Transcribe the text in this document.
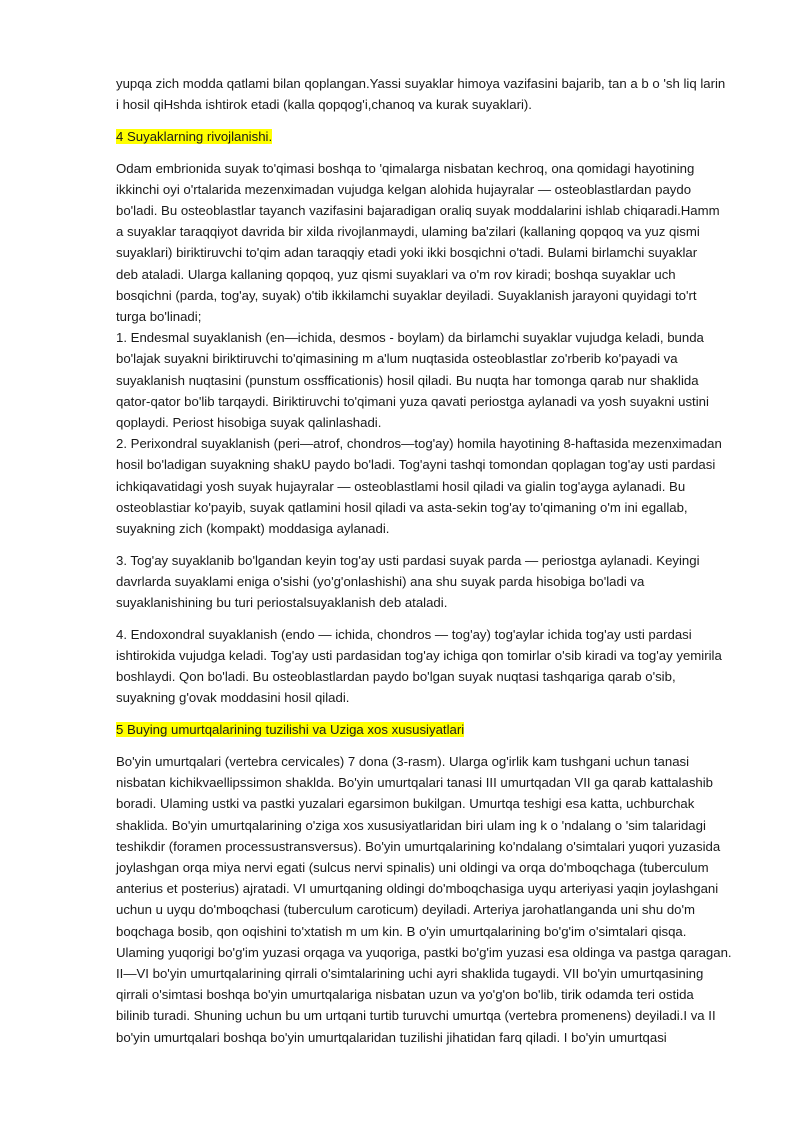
yupqa zich modda qatlami bilan qoplangan.Yassi suyaklar himoya vazifasini bajarib, tan a b o 'sh liq larin
i hosil qiHshda ishtirok etadi (kalla qopqog'i,chanoq va kurak suyaklari).

4 Suyaklarning rivojlanishi.

Odam embrionida suyak to'qimasi boshqa to 'qimalarga nisbatan kechroq, ona qomidagi hayotining
ikkinchi oyi o'rtalarida mezenximadan vujudga kelgan alohida hujayralar — osteoblastlardan paydo
bo'ladi. Bu osteoblastlar tayanch vazifasini bajaradigan oraliq suyak moddalarini ishlab chiqaradi.Hamm
a suyaklar taraqqiyot davrida bir xilda rivojlanmaydi, ulaming ba'zilari (kallaning qopqoq va yuz qismi
suyaklari) biriktiruvchi to'qim adan taraqqiy etadi yoki ikki bosqichni o'tadi. Bulami birlamchi suyaklar
deb ataladi. Ularga kallaning qopqoq, yuz qismi suyaklari va o'm rov kiradi; boshqa suyaklar uch
bosqichni (parda, tog'ay, suyak) o'tib ikkilamchi suyaklar deyiladi. Suyaklanish jarayoni quyidagi to'rt
turga bo'linadi;
1. Endesmal suyaklanish (en—ichida, desmos - boylam) da birlamchi suyaklar vujudga keladi, bunda
bo'lajak suyakni biriktiruvchi to'qimasining m a'lum nuqtasida osteoblastlar zo'rberib ko'payadi va
suyaklanish nuqtasini (punstum ossfficationis) hosil qiladi. Bu nuqta har tomonga qarab nur shaklida
qator-qator bo'lib tarqaydi. Biriktiruvchi to'qimani yuza qavati periostga aylanadi va yosh suyakni ustini
qoplaydi. Periost hisobiga suyak qalinlashadi.
2. Perixondral suyaklanish (peri—atrof, chondros—tog'ay) homila hayotining 8-haftasida mezenximadan
hosil bo'ladigan suyakning shakU paydo bo'ladi. Tog'ayni tashqi tomondan qoplagan tog'ay usti pardasi
ichkiqavatidagi yosh suyak hujayralar — osteoblastlami hosil qiladi va gialin tog'ayga aylanadi. Bu
osteoblastiar ko'payib, suyak qatlamini hosil qiladi va asta-sekin tog'ay to'qimaning o'm ini egallab,
suyakning zich (kompakt) moddasiga aylanadi.

3. Tog'ay suyaklanib bo'lgandan keyin tog'ay usti pardasi suyak parda — periostga aylanadi. Keyingi
davrlarda suyaklami eniga o'sishi (yo'g'onlashishi) ana shu suyak parda hisobiga bo'ladi va
suyaklanishining bu turi periostalsuyaklanish deb ataladi.

4. Endoxondral suyaklanish (endo — ichida, chondros — tog'ay) tog'aylar ichida tog'ay usti pardasi
ishtirokida vujudga keladi. Tog'ay usti pardasidan tog'ay ichiga qon tomirlar o'sib kiradi va tog'ay yemirila
boshlaydi. Qon bo'ladi. Bu osteoblastlardan paydo bo'lgan suyak nuqtasi tashqariga qarab o'sib,
suyakning g'ovak moddasini hosil qiladi.

5 Buying umurtqalarining tuzilishi va Uziga xos xususiyatlari

Bo'yin umurtqalari (vertebra cervicales) 7 dona (3-rasm). Ularga og'irlik kam tushgani uchun tanasi
nisbatan kichikvaellipssimon shaklda. Bo'yin umurtqalari tanasi III umurtqadan VII ga qarab kattalashib
boradi. Ulaming ustki va pastki yuzalari egarsimon bukilgan. Umurtqa teshigi esa katta, uchburchak
shaklida. Bo'yin umurtqalarining o'ziga xos xususiyatlaridan biri ulam ing k o 'ndalang o 'sim talaridagi
teshikdir (foramen processustransversus). Bo'yin umurtqalarining ko'ndalang o'simtalari yuqori yuzasida
joylashgan orqa miya nervi egati (sulcus nervi spinalis) uni oldingi va orqa do'mboqchaga (tuberculum
anterius et posterius) ajratadi. VI umurtqaning oldingi do'mboqchasiga uyqu arteriyasi yaqin joylashgani
uchun u uyqu do'mboqchasi (tuberculum caroticum) deyiladi. Arteriya jarohatlanganda uni shu do'm
boqchaga bosib, qon oqishini to'xtatish m um kin. B o'yin umurtqalarining bo'g'im o'simtalari qisqa.
Ulaming yuqorigi bo'g'im yuzasi orqaga va yuqoriga, pastki bo'g'im yuzasi esa oldinga va pastga qaragan.
II—VI bo'yin umurtqalarining qirrali o'simtalarining uchi ayri shaklida tugaydi. VII bo'yin umurtqasining
qirrali o'simtasi boshqa bo'yin umurtqalariga nisbatan uzun va yo'g'on bo'lib, tirik odamda teri ostida
bilinib turadi. Shuning uchun bu um urtqani turtib turuvchi umurtqa (vertebra promenens) deyiladi.I va II
bo'yin umurtqalari boshqa bo'yin umurtqalaridan tuzilishi jihatidan farq qiladi. I bo'yin umurtqasi
